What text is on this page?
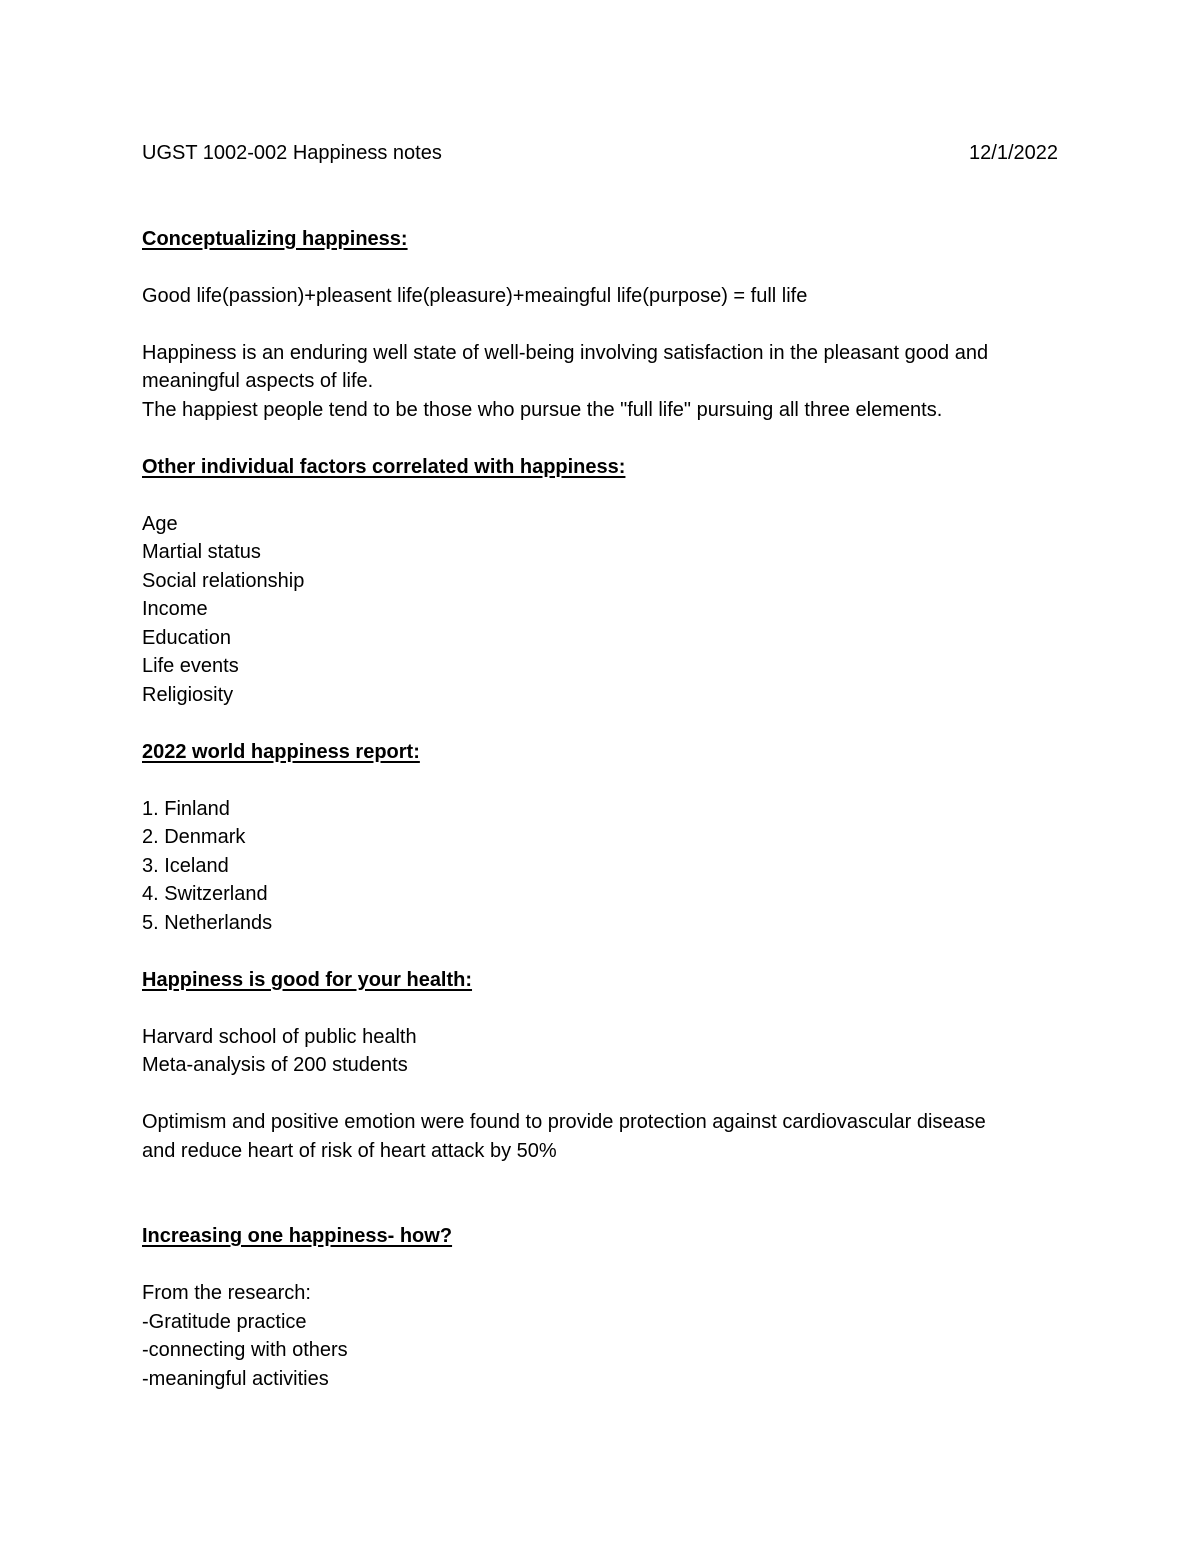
UGST 1002-002 Happiness notes	12/1/2022
Conceptualizing happiness:
Good life(passion)+pleasent life(pleasure)+meaingful life(purpose) = full life
Happiness is an enduring well state of well-being involving satisfaction in the pleasant good and
meaningful aspects of life.
The happiest people tend to be those who pursue the "full life" pursuing all three elements.
Other individual factors correlated with happiness:
Age
Martial status
Social relationship
Income
Education
Life events
Religiosity
2022 world happiness report:
1. Finland
2. Denmark
3. Iceland
4. Switzerland
5. Netherlands
Happiness is good for your health:
Harvard school of public health
Meta-analysis of 200 students
Optimism and positive emotion were found to provide protection against cardiovascular disease
and reduce heart of risk of heart attack by 50%
Increasing one happiness- how?
From the research:
-Gratitude practice
-connecting with others
-meaningful activities
